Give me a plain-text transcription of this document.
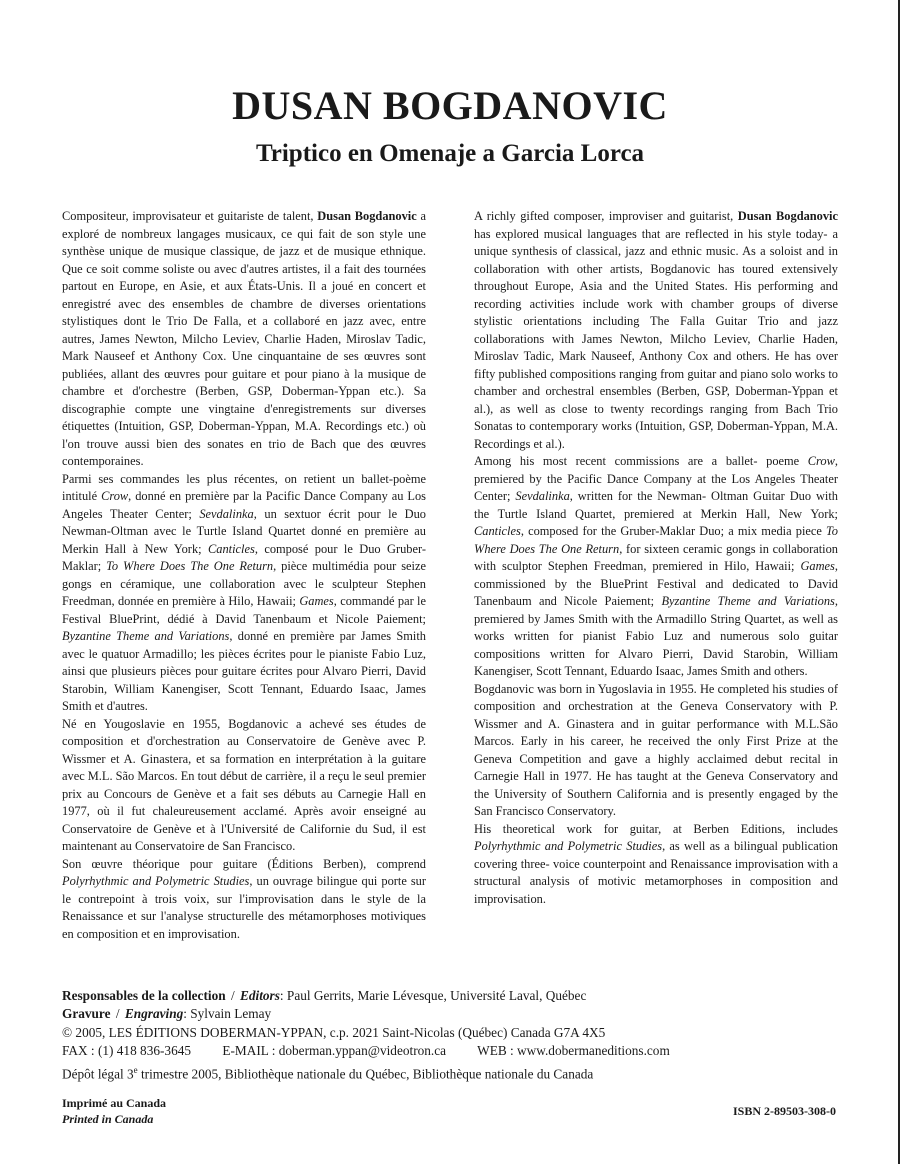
DUSAN BOGDANOVIC
Triptico en Omenaje a Garcia Lorca

Compositeur, improvisateur et guitariste de talent, Dusan Bogdanovic a exploré de nombreux langages musicaux, ce qui fait de son style une synthèse unique de musique classique, de jazz et de musique ethnique. Que ce soit comme soliste ou avec d'autres artistes, il a fait des tournées partout en Europe, en Asie, et aux États-Unis. Il a joué en concert et enregistré avec des ensembles de chambre de diverses orientations stylistiques dont le Trio De Falla, et a collaboré en jazz avec, entre autres, James Newton, Milcho Leviev, Charlie Haden, Miroslav Tadic, Mark Nauseef et Anthony Cox. Une cinquantaine de ses œuvres sont publiées, allant des œuvres pour guitare et pour piano à la musique de chambre et d'orchestre (Berben, GSP, Doberman-Yppan etc.). Sa discographie compte une vingtaine d'enregistrements sur diverses étiquettes (Intuition, GSP, Doberman-Yppan, M.A. Recordings etc.) où l'on trouve aussi bien des sonates en trio de Bach que des œuvres contemporaines.

Parmi ses commandes les plus récentes, on retient un ballet-poème intitulé Crow, donné en première par la Pacific Dance Company au Los Angeles Theater Center; Sevdalinka, un sextuor écrit pour le Duo Newman-Oltman avec le Turtle Island Quartet donné en première au Merkin Hall à New York; Canticles, composé pour le Duo Gruber-Maklar; To Where Does The One Return, pièce multimédia pour seize gongs en céramique, une collaboration avec le sculpteur Stephen Freedman, donnée en première à Hilo, Hawaii; Games, commandé par le Festival BluePrint, dédié à David Tanenbaum et Nicole Paiement; Byzantine Theme and Variations, donné en première par James Smith avec le quatuor Armadillo; les pièces écrites pour le pianiste Fabio Luz, ainsi que plusieurs pièces pour guitare écrites pour Alvaro Pierri, David Starobin, William Kanengiser, Scott Tennant, Eduardo Isaac, James Smith et d'autres.

Né en Yougoslavie en 1955, Bogdanovic a achevé ses études de composition et d'orchestration au Conservatoire de Genève avec P. Wissmer et A. Ginastera, et sa formation en interprétation à la guitare avec M.L. São Marcos. En tout début de carrière, il a reçu le seul premier prix au Concours de Genève et a fait ses débuts au Carnegie Hall en 1977, où il fut chaleureusement acclamé. Après avoir enseigné au Conservatoire de Genève et à l'Université de Californie du Sud, il est maintenant au Conservatoire de San Francisco.

Son œuvre théorique pour guitare (Éditions Berben), comprend Polyrhythmic and Polymetric Studies, un ouvrage bilingue qui porte sur le contrepoint à trois voix, sur l'improvisation dans le style de la Renaissance et sur l'analyse structurelle des métamorphoses motiviques en composition et en improvisation.

A richly gifted composer, improviser and guitarist, Dusan Bogdanovic has explored musical languages that are reflected in his style today- a unique synthesis of classical, jazz and ethnic music. As a soloist and in collaboration with other artists, Bogdanovic has toured extensively throughout Europe, Asia and the United States. His performing and recording activities include work with chamber groups of diverse stylistic orientations including The Falla Guitar Trio and jazz collaborations with James Newton, Milcho Leviev, Charlie Haden, Miroslav Tadic, Mark Nauseef, Anthony Cox and others. He has over fifty published compositions ranging from guitar and piano solo works to chamber and orchestral ensembles (Berben, GSP, Doberman-Yppan et al.), as well as close to twenty recordings ranging from Bach Trio Sonatas to contemporary works (Intuition, GSP, Doberman-Yppan, M.A. Recordings et al.).

Among his most recent commissions are a ballet- poeme Crow, premiered by the Pacific Dance Company at the Los Angeles Theater Center; Sevdalinka, written for the Newman- Oltman Guitar Duo with the Turtle Island Quartet, premiered at Merkin Hall, New York; Canticles, composed for the Gruber-Maklar Duo; a mix media piece To Where Does The One Return, for sixteen ceramic gongs in collaboration with sculptor Stephen Freedman, premiered in Hilo, Hawaii; Games, commissioned by the BluePrint Festival and dedicated to David Tanenbaum and Nicole Paiement; Byzantine Theme and Variations, premiered by James Smith with the Armadillo String Quartet, as well as works written for pianist Fabio Luz and numerous solo guitar compositions written for Alvaro Pierri, David Starobin, William Kanengiser, Scott Tennant, Eduardo Isaac, James Smith and others.

Bogdanovic was born in Yugoslavia in 1955. He completed his studies of composition and orchestration at the Geneva Conservatory with P. Wissmer and A. Ginastera and in guitar performance with M.L.São Marcos. Early in his career, he received the only First Prize at the Geneva Competition and gave a highly acclaimed debut recital in Carnegie Hall in 1977. He has taught at the Geneva Conservatory and the University of Southern California and is presently engaged by the San Francisco Conservatory.

His theoretical work for guitar, at Berben Editions, includes Polyrhythmic and Polymetric Studies, as well as a bilingual publication covering three- voice counterpoint and Renaissance improvisation with a structural analysis of motivic metamorphoses in composition and improvisation.

Responsables de la collection / Editors: Paul Gerrits, Marie Lévesque, Université Laval, Québec
Gravure / Engraving: Sylvain Lemay
© 2005, LES ÉDITIONS DOBERMAN-YPPAN, c.p. 2021 Saint-Nicolas (Québec) Canada G7A 4X5
FAX : (1) 418 836-3645 E-MAIL : doberman.yppan@videotron.ca WEB : www.dobermaneditions.com
Dépôt légal 3e trimestre 2005, Bibliothèque nationale du Québec, Bibliothèque nationale du Canada
Imprimé au Canada
Printed in Canada
ISBN 2-89503-308-0
